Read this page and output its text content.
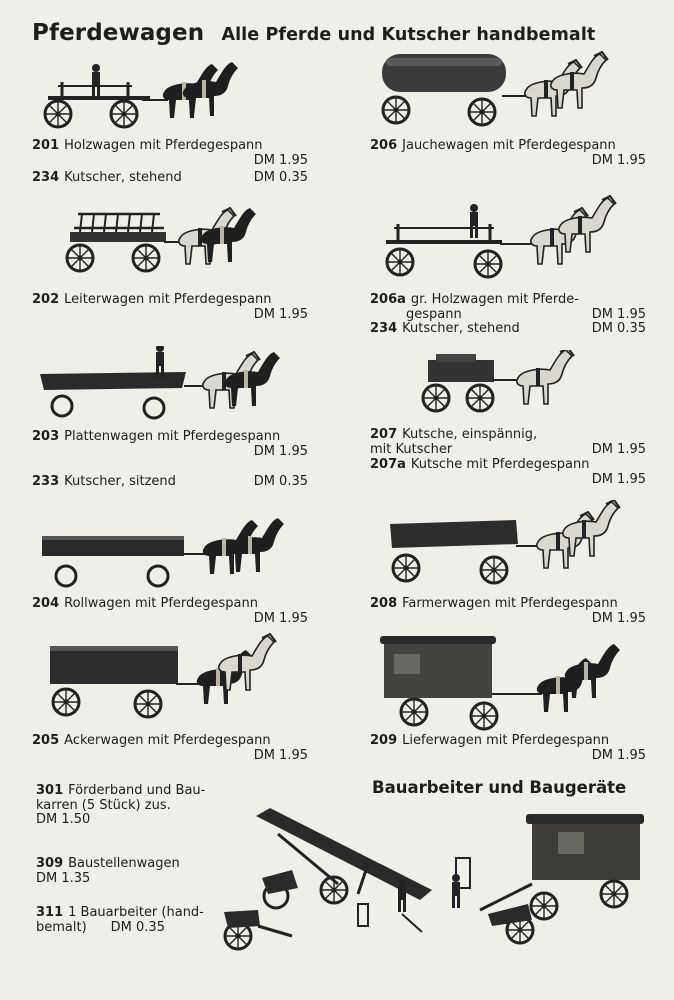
Pferdewagen Alle Pferde und Kutscher handbemalt
201 Holzwagen mit Pferdegespann
DM 1.95
234 Kutscher, stehend	DM 0.35
202 Leiterwagen mit Pferdegespann
DM 1.95
203 Plattenwagen mit Pferdegespann
DM 1.95
233 Kutscher, sitzend	DM 0.35
204 Rollwagen mit Pferdegespann
DM 1.95
205 Ackerwagen mit Pferdegespann
DM 1.95
206 Jauchewagen mit Pferdegespann
DM 1.95
206a gr. Holzwagen mit Pferde-
gespann	DM 1.95
234 Kutscher, stehend	DM 0.35
207 Kutsche, einspännig,
mit Kutscher	DM 1.95
207a Kutsche mit Pferdegespann
DM 1.95
208 Farmerwagen mit Pferdegespann
DM 1.95
209 Lieferwagen mit Pferdegespann
DM 1.95
Bauarbeiter und Baugeräte
301 Förderband und Bau-
karren (5 Stück) zus.
DM 1.50
309 Baustellenwagen
DM 1.35
311 1 Bauarbeiter (hand-
bemalt) DM 0.35
